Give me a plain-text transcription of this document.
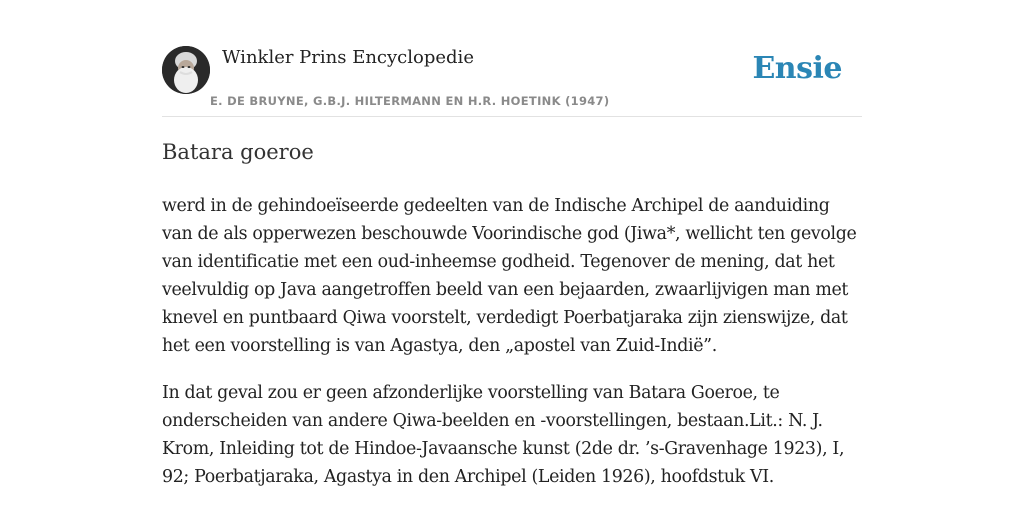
Winkler Prins Encyclopedie
E. DE BRUYNE, G.B.J. HILTERMANN EN H.R. HOETINK (1947)
Ensie
Batara goeroe

werd in de gehindoeïseerde gedeelten van de Indische Archipel de aanduiding van de als opperwezen beschouwde Voorindische god (Jiwa*, wellicht ten gevolge van identificatie met een oud-inheemse godheid. Tegenover de mening, dat het veelvuldig op Java aangetroffen beeld van een bejaarden, zwaarlijvigen man met knevel en puntbaard Qiwa voorstelt, verdedigt Poerbatjaraka zijn zienswijze, dat het een voorstelling is van Agastya, den „apostel van Zuid-Indië”.

In dat geval zou er geen afzonderlijke voorstelling van Batara Goeroe, te onderscheiden van andere Qiwa-beelden en -voorstellingen, bestaan.Lit.: N. J. Krom, Inleiding tot de Hindoe-Javaansche kunst (2de dr. ’s-Gravenhage 1923), I, 92; Poerbatjaraka, Agastya in den Archipel (Leiden 1926), hoofdstuk VI.
